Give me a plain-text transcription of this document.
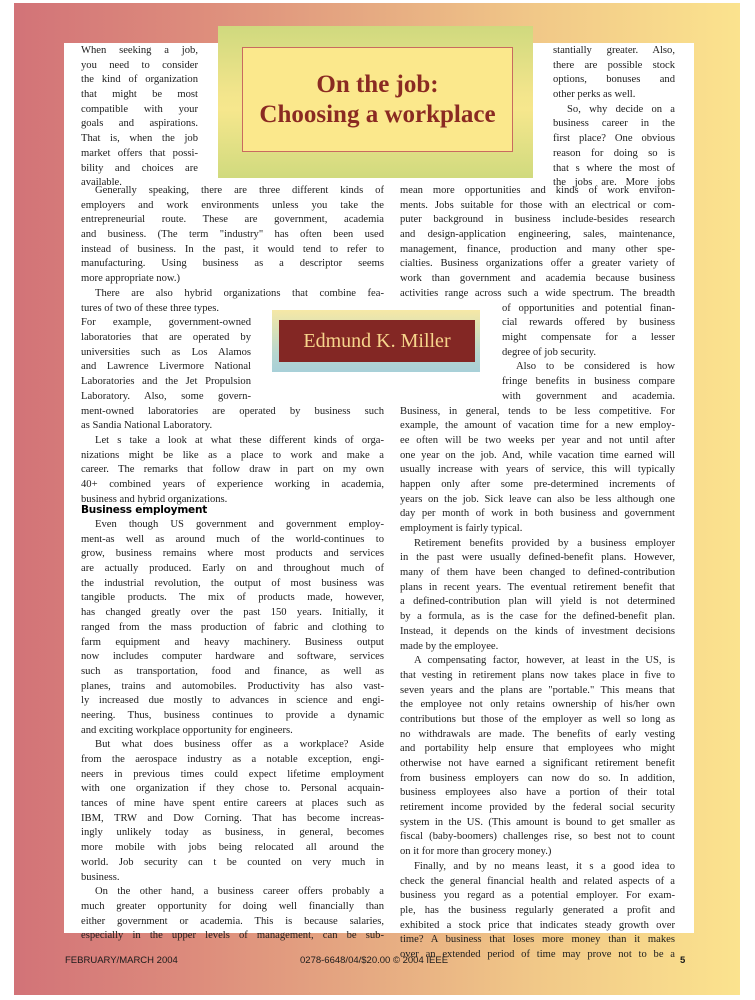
On the job:
Choosing a workplace
Edmund K. Miller
When seeking a job,
you need to consider
the kind of organization
that might be most
compatible with your
goals and aspirations.
That is, when the job
market offers that possi-
bility and choices are
available.
Generally speaking, there are three different kinds of
employers and work environments unless you take the
entrepreneurial route. These are government, academia
and business. (The term "industry" has often been used
instead of business. In the past, it would tend to refer to
manufacturing. Using business as a descriptor seems
more appropriate now.)
There are also hybrid organizations that combine fea-
tures of two of these three types.
For example, government-owned
laboratories that are operated by
universities such as Los Alamos
and Lawrence Livermore National
Laboratories and the Jet Propulsion
Laboratory. Also, some govern-
ment-owned laboratories are operated by business such
as Sandia National Laboratory.
Let s take a look at what these different kinds of orga-
nizations might be like as a place to work and make a
career. The remarks that follow draw in part on my own
40+ combined years of experience working in academia,
business and hybrid organizations.
Business employment
Even though US government and government employ-
ment-as well as around much of the world-continues to
grow, business remains where most products and services
are actually produced. Early on and throughout much of
the industrial revolution, the output of most business was
tangible products. The mix of products made, however,
has changed greatly over the past 150 years. Initially, it
ranged from the mass production of fabric and clothing to
farm equipment and heavy machinery. Business output
now includes computer hardware and software, services
such as transportation, food and finance, as well as
planes, trains and automobiles. Productivity has also vast-
ly increased due mostly to advances in science and engi-
neering. Thus, business continues to provide a dynamic
and exciting workplace opportunity for engineers.
But what does business offer as a workplace? Aside
from the aerospace industry as a notable exception, engi-
neers in previous times could expect lifetime employment
with one organization if they chose to. Personal acquain-
tances of mine have spent entire careers at places such as
IBM, TRW and Dow Corning. That has become increas-
ingly unlikely today as business, in general, becomes
more mobile with jobs being relocated all around the
world. Job security can t be counted on very much in
business.
On the other hand, a business career offers probably a
much greater opportunity for doing well financially than
either government or academia. This is because salaries,
especially in the upper levels of management, can be sub-
stantially greater. Also,
there are possible stock
options, bonuses and
other perks as well.
So, why decide on a
business career in the
first place? One obvious
reason for doing so is
that s where the most of
the jobs are. More jobs
mean more opportunities and kinds of work environ-
ments. Jobs suitable for those with an electrical or com-
puter background in business include-besides research
and design-application engineering, sales, maintenance,
management, finance, production and many other spe-
cialties. Business organizations offer a greater variety of
work than government and academia because business
activities range across such a wide spectrum. The breadth
of opportunities and potential finan-
cial rewards offered by business
might compensate for a lesser
degree of job security.
Also to be considered is how
fringe benefits in business compare
with government and academia.
Business, in general, tends to be less competitive. For
example, the amount of vacation time for a new employ-
ee often will be two weeks per year and not until after
one year on the job. And, while vacation time earned will
usually increase with years of service, this will typically
happen only after some pre-determined increments of
years on the job. Sick leave can also be less although one
day per month of work in both business and government
employment is fairly typical.
Retirement benefits provided by a business employer
in the past were usually defined-benefit plans. However,
many of them have been changed to defined-contribution
plans in recent years. The eventual retirement benefit that
a defined-contribution plan will yield is not determined
by a formula, as is the case for the defined-benefit plan.
Instead, it depends on the kinds of investment decisions
made by the employee.
A compensating factor, however, at least in the US, is
that vesting in retirement plans now takes place in five to
seven years and the plans are "portable." This means that
the employee not only retains ownership of his/her own
contributions but those of the employer as well so long as
no withdrawals are made. The benefits of early vesting
and portability help ensure that employees who might
otherwise not have earned a significant retirement benefit
from business employers can now do so. In addition,
business employees also have a portion of their total
retirement income provided by the federal social security
system in the US. (This amount is bound to get smaller as
fiscal (baby-boomers) challenges rise, so best not to count
on it for more than grocery money.)
Finally, and by no means least, it s a good idea to
check the general financial health and related aspects of a
business you regard as a potential employer. For exam-
ple, has the business regularly generated a profit and
exhibited a stock price that indicates steady growth over
time? A business that loses more money than it makes
over an extended period of time may prove not to be a
FEBRUARY/MARCH 2004	0278-6648/04/$20.00 © 2004 IEEE	5
